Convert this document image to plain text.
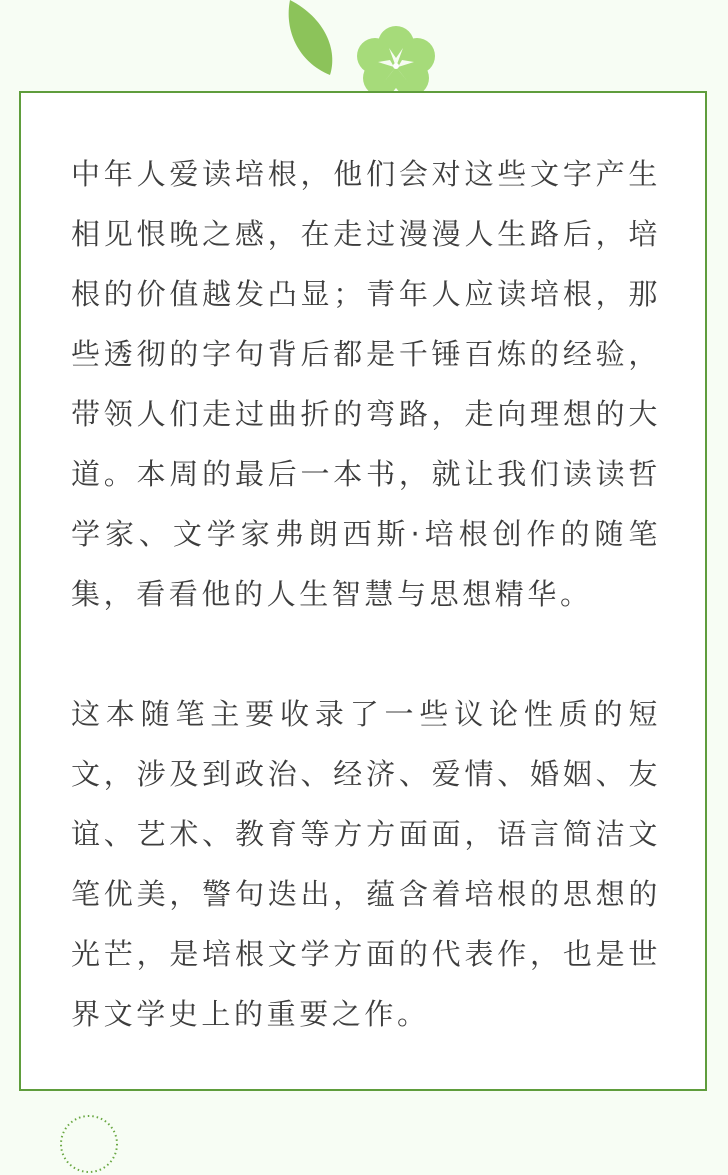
中年人爱读培根，他们会对这些文字产生相见恨晚之感，在走过漫漫人生路后，培根的价值越发凸显；青年人应读培根，那些透彻的字句背后都是千锤百炼的经验，带领人们走过曲折的弯路，走向理想的大道。本周的最后一本书，就让我们读读哲学家、文学家弗朗西斯·培根创作的随笔集，看看他的人生智慧与思想精华。

这本随笔主要收录了一些议论性质的短文，涉及到政治、经济、爱情、婚姻、友谊、艺术、教育等方方面面，语言简洁文笔优美，警句迭出，蕴含着培根的思想的光芒，是培根文学方面的代表作，也是世界文学史上的重要之作。
